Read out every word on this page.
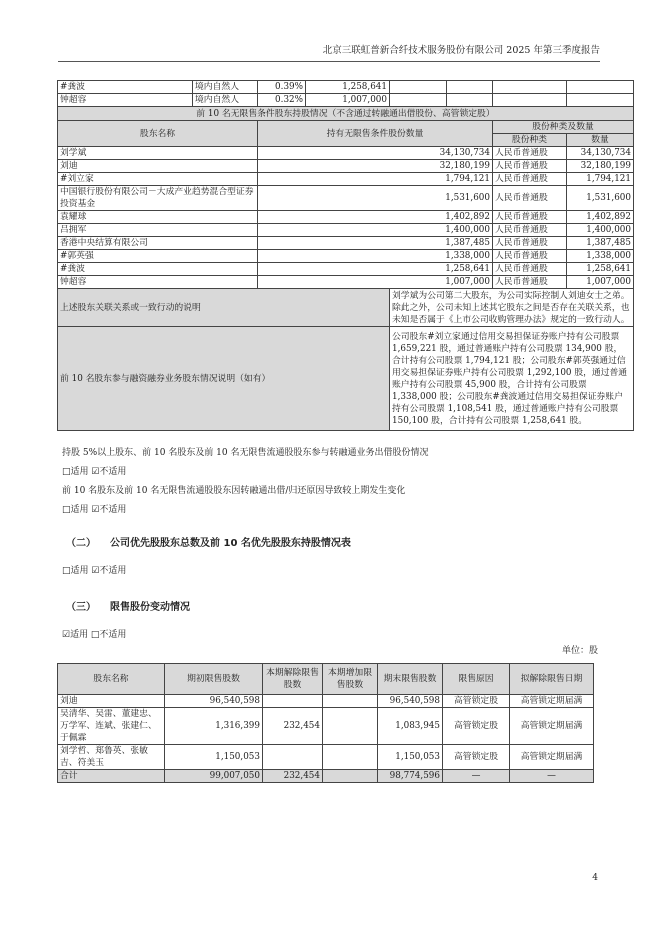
北京三联虹普新合纤技术服务股份有限公司 2025 年第三季度报告
#龚波	境内自然人	0.39%	1,258,641				
钟超容	境内自然人	0.32%	1,007,000				
前 10 名无限售条件股东持股情况（不含通过转融通出借股份、高管锁定股）							
股东名称		持有无限售条件股份数量				股份种类及数量	
						股份种类	数量
刘学斌		34,130,734				人民币普通股	34,130,734
刘迪		32,180,199				人民币普通股	32,180,199
#刘立家		1,794,121				人民币普通股	1,794,121
中国银行股份有限公司－大成产业趋势混合型证券投资基金		1,531,600				人民币普通股	1,531,600
袁耀球		1,402,892				人民币普通股	1,402,892
吕拥军		1,400,000				人民币普通股	1,400,000
香港中央结算有限公司		1,387,485				人民币普通股	1,387,485
#郭英强		1,338,000				人民币普通股	1,338,000
#龚波		1,258,641				人民币普通股	1,258,641
钟超容		1,007,000				人民币普通股	1,007,000
上述股东关联关系或一致行动的说明				刘学斌为公司第二大股东，为公司实际控制人刘迪女士之弟。除此之外，公司未知上述其它股东之间是否存在关联关系，也未知是否属于《上市公司收购管理办法》规定的一致行动人。			
前 10 名股东参与融资融券业务股东情况说明（如有）				公司股东#刘立家通过信用交易担保证券账户持有公司股票 1,659,221 股，通过普通账户持有公司股票 134,900 股，合计持有公司股票 1,794,121 股；公司股东#郭英强通过信用交易担保证券账户持有公司股票 1,292,100 股，通过普通账户持有公司股票 45,900 股，合计持有公司股票 1,338,000 股；公司股东#龚波通过信用交易担保证券账户持有公司股票 1,108,541 股，通过普通账户持有公司股票 150,100 股，合计持有公司股票 1,258,641 股。			
持股 5%以上股东、前 10 名股东及前 10 名无限售流通股股东参与转融通业务出借股份情况
□适用 ☑不适用
前 10 名股东及前 10 名无限售流通股股东因转融通出借/归还原因导致较上期发生变化
□适用 ☑不适用
（二） 公司优先股股东总数及前 10 名优先股股东持股情况表
□适用 ☑不适用
（三） 限售股份变动情况
☑适用 □不适用
单位：股
股东名称	期初限售股数	本期解除限售股数	本期增加限售股数	期末限售股数	限售原因	拟解除限售日期
刘迪	96,540,598			96,540,598	高管锁定股	高管锁定期届满
吴清华、吴雷、董建忠、万学军、连斌、张建仁、于佩霖	1,316,399	232,454		1,083,945	高管锁定股	高管锁定期届满
刘学哲、郑鲁英、张敏吉、符美玉	1,150,053			1,150,053	高管锁定股	高管锁定期届满
合计	99,007,050	232,454		98,774,596	—	—
4
